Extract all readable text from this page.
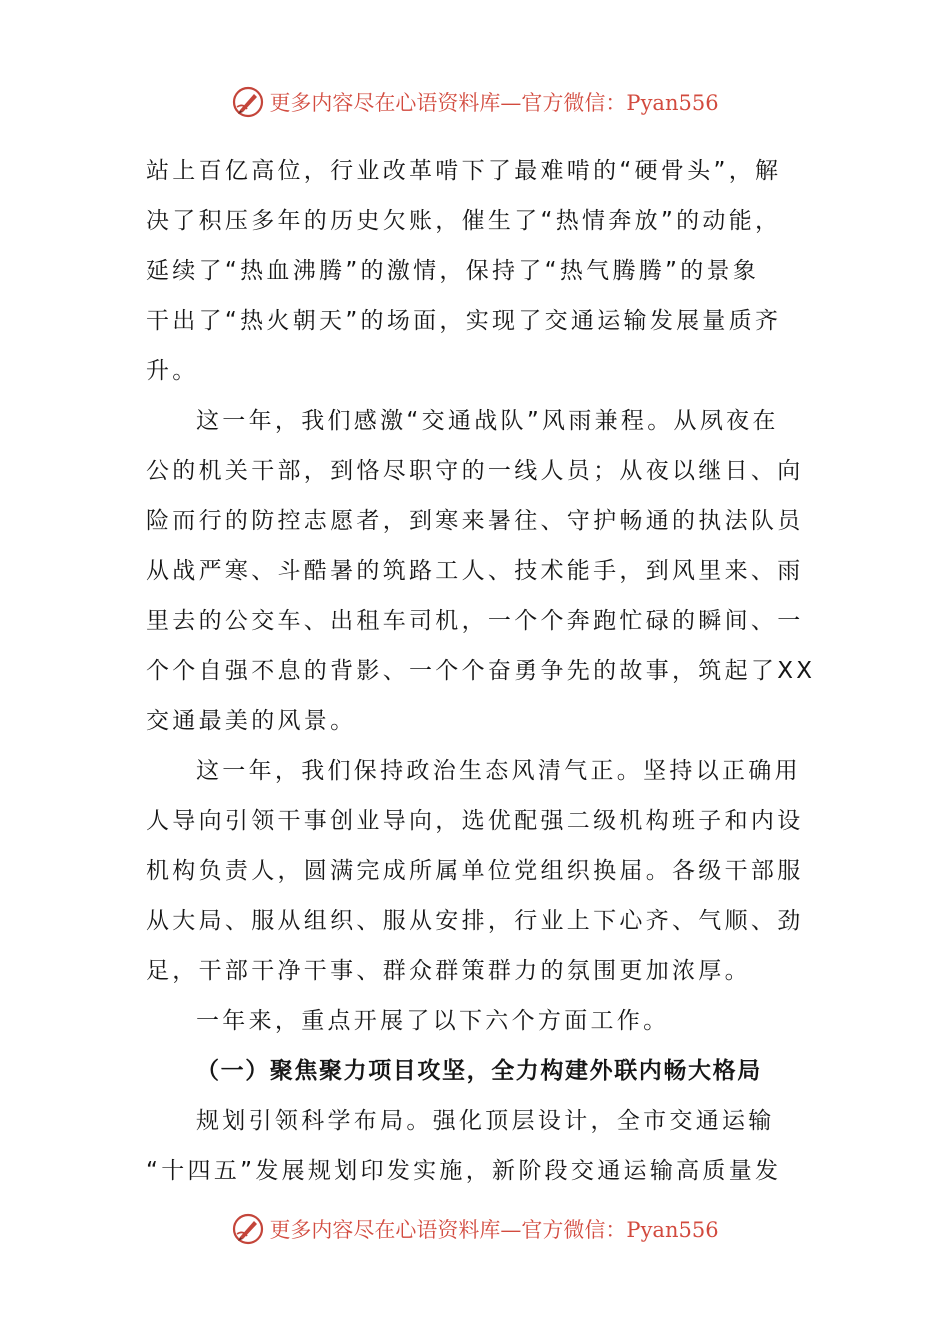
更多内容尽在心语资料库—官方微信：Pyan556

站上百亿高位，行业改革啃下了最难啃的“硬骨头”，解
决了积压多年的历史欠账，催生了“热情奔放”的动能，
延续了“热血沸腾”的激情，保持了“热气腾腾”的景象
干出了“热火朝天”的场面，实现了交通运输发展量质齐
升。

这一年，我们感激“交通战队”风雨兼程。从夙夜在
公的机关干部，到恪尽职守的一线人员；从夜以继日、向
险而行的防控志愿者，到寒来暑往、守护畅通的执法队员
从战严寒、斗酷暑的筑路工人、技术能手，到风里来、雨
里去的公交车、出租车司机，一个个奔跑忙碌的瞬间、一
个个自强不息的背影、一个个奋勇争先的故事，筑起了XX
交通最美的风景。

这一年，我们保持政治生态风清气正。坚持以正确用
人导向引领干事创业导向，选优配强二级机构班子和内设
机构负责人，圆满完成所属单位党组织换届。各级干部服
从大局、服从组织、服从安排，行业上下心齐、气顺、劲
足，干部干净干事、群众群策群力的氛围更加浓厚。

一年来，重点开展了以下六个方面工作。

（一）聚焦聚力项目攻坚，全力构建外联内畅大格局

规划引领科学布局。强化顶层设计，全市交通运输
“十四五”发展规划印发实施，新阶段交通运输高质量发

更多内容尽在心语资料库—官方微信：Pyan556
